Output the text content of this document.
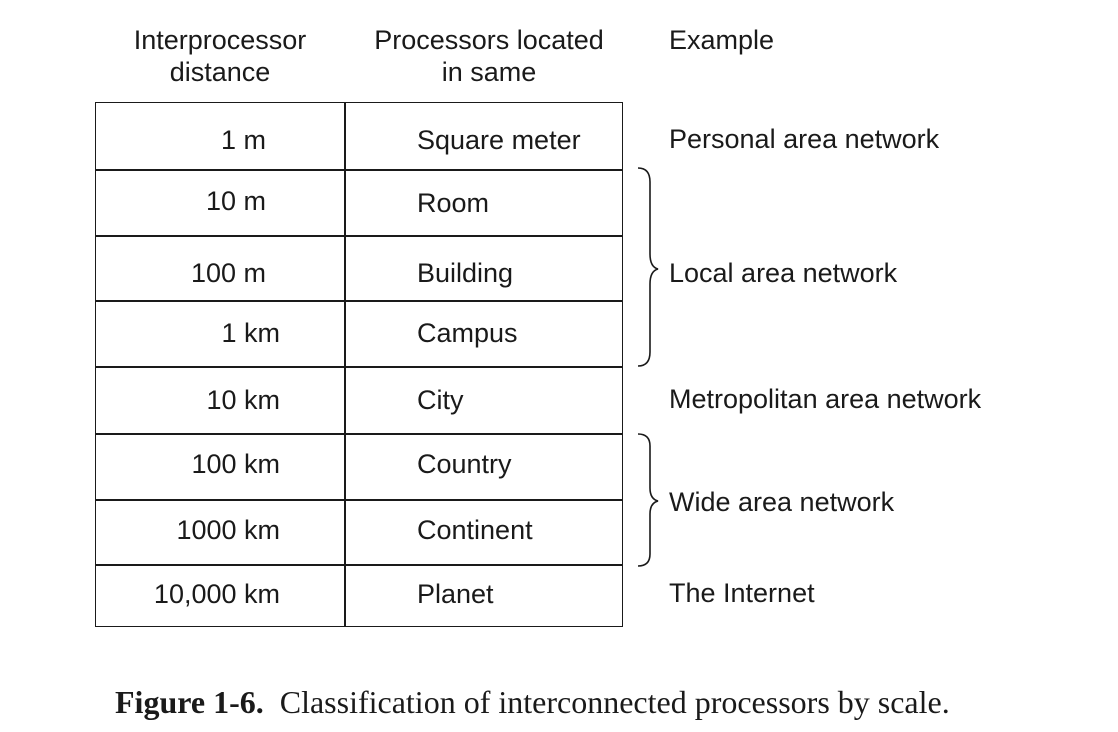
Interprocessor distance
Processors located in same
Example
1 m
10 m
100 m
1 km
10 km
100 km
1000 km
10,000 km
Square meter
Room
Building
Campus
City
Country
Continent
Planet
Personal area network
Local area network
Metropolitan area network
Wide area network
The Internet
Figure 1-6. Classification of interconnected processors by scale.
